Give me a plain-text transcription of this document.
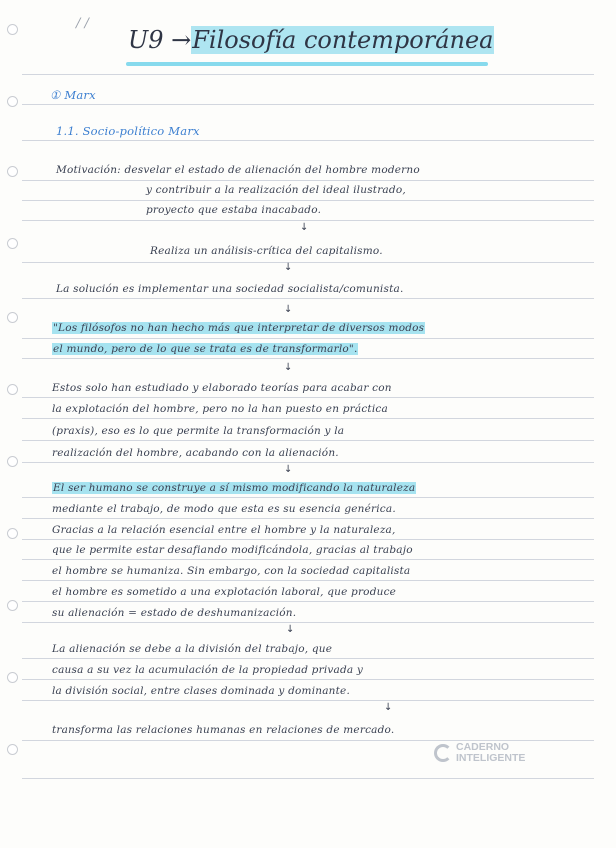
/ /

U9 →Filosofía contemporánea

① Marx

1.1. Socio-político Marx

Motivación: desvelar el estado de alienación del hombre moderno

y contribuir a la realización del ideal ilustrado,

proyecto que estaba inacabado.

↓

Realiza un análisis-crítica del capitalismo.

↓

La solución es implementar una sociedad socialista/comunista.

↓

"Los filósofos no han hecho más que interpretar de diversos modos

el mundo, pero de lo que se trata es de transformarlo".

↓

Estos solo han estudiado y elaborado teorías para acabar con

la explotación del hombre, pero no la han puesto en práctica

(praxis), eso es lo que permite la transformación y la

realización del hombre, acabando con la alienación.

↓

El ser humano se construye a sí mismo modificando la naturaleza

mediante el trabajo, de modo que esta es su esencia genérica.

Gracias a la relación esencial entre el hombre y la naturaleza,

que le permite estar desafiando modificándola, gracias al trabajo

el hombre se humaniza. Sin embargo, con la sociedad capitalista

el hombre es sometido a una explotación laboral, que produce

su alienación = estado de deshumanización.

↓

La alienación se debe a la división del trabajo, que

causa a su vez la acumulación de la propiedad privada y

la división social, entre clases dominada y dominante.

↓

transforma las relaciones humanas en relaciones de mercado.

CADERNO
INTELIGENTE
